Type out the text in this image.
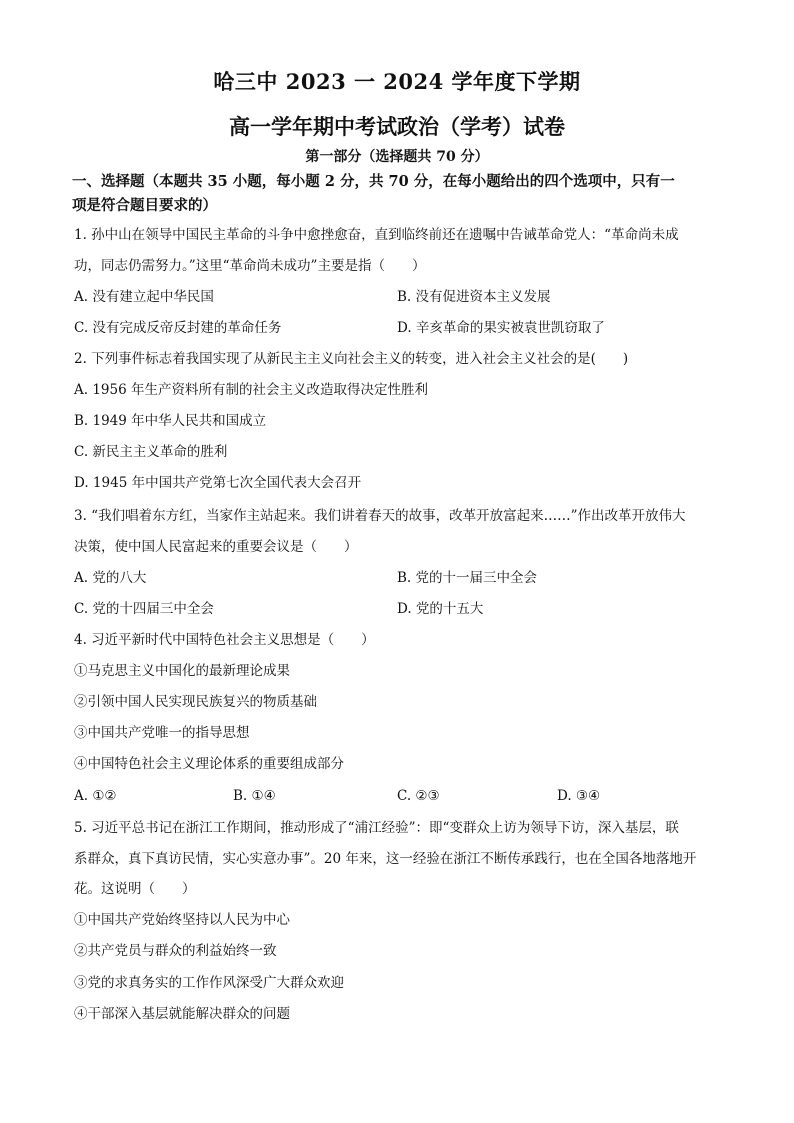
哈三中 2023 一 2024 学年度下学期
高一学年期中考试政治（学考）试卷
第一部分（选择题共 70 分）
一、选择题（本题共 35 小题，每小题 2 分，共 70 分，在每小题给出的四个选项中，只有一
项是符合题目要求的）
1. 孙中山在领导中国民主革命的斗争中愈挫愈奋，直到临终前还在遗嘱中告诫革命党人：“革命尚未成
功，同志仍需努力。”这里“革命尚未成功”主要是指（　　）
A. 没有建立起中华民国	B. 没有促进资本主义发展
C. 没有完成反帝反封建的革命任务	D. 辛亥革命的果实被袁世凯窃取了
2. 下列事件标志着我国实现了从新民主主义向社会主义的转变，进入社会主义社会的是(　　)
A. 1956 年生产资料所有制的社会主义改造取得决定性胜利
B. 1949 年中华人民共和国成立
C. 新民主主义革命的胜利
D. 1945 年中国共产党第七次全国代表大会召开
3. “我们唱着东方红，当家作主站起来。我们讲着春天的故事，改革开放富起来……”作出改革开放伟大
决策，使中国人民富起来的重要会议是（　　）
A. 党的八大	B. 党的十一届三中全会
C. 党的十四届三中全会	D. 党的十五大
4. 习近平新时代中国特色社会主义思想是（　　）
①马克思主义中国化的最新理论成果
②引领中国人民实现民族复兴的物质基础
③中国共产党唯一的指导思想
④中国特色社会主义理论体系的重要组成部分
A. ①②	B. ①④	C. ②③	D. ③④
5. 习近平总书记在浙江工作期间，推动形成了“浦江经验”：即“变群众上访为领导下访，深入基层，联
系群众，真下真访民情，实心实意办事”。20 年来，这一经验在浙江不断传承践行，也在全国各地落地开
花。这说明（　　）
①中国共产党始终坚持以人民为中心
②共产党员与群众的利益始终一致
③党的求真务实的工作作风深受广大群众欢迎
④干部深入基层就能解决群众的问题
